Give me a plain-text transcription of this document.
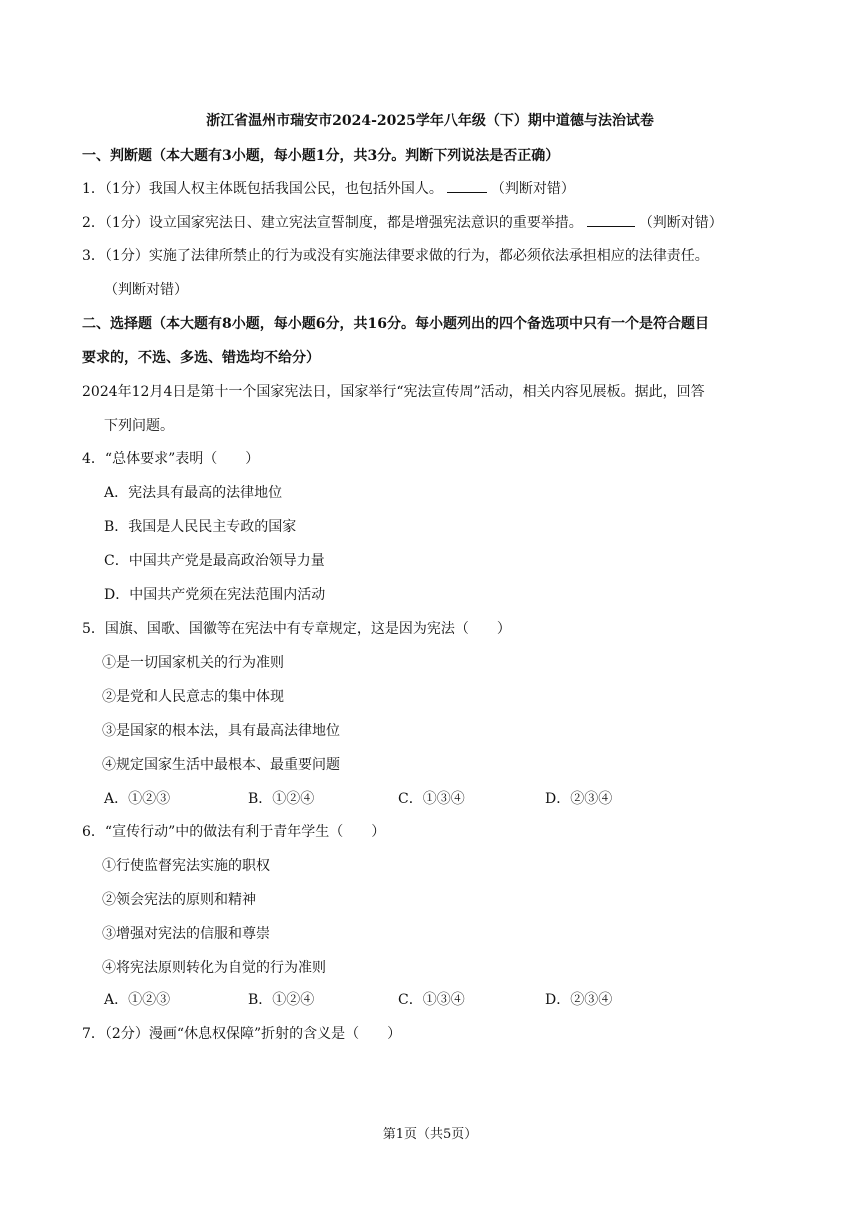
浙江省温州市瑞安市2024-2025学年八年级（下）期中道德与法治试卷
一、判断题（本大题有3小题，每小题1分，共3分。判断下列说法是否正确）
1．（1分）我国人权主体既包括我国公民，也包括外国人。	（判断对错）
2．（1分）设立国家宪法日、建立宪法宣誓制度，都是增强宪法意识的重要举措。	（判断对错）
3．（1分）实施了法律所禁止的行为或没有实施法律要求做的行为，都必须依法承担相应的法律责任。
（判断对错）
二、选择题（本大题有8小题，每小题6分，共16分。每小题列出的四个备选项中只有一个是符合题目
要求的，不选、多选、错选均不给分）
2024年12月4日是第十一个国家宪法日，国家举行“宪法宣传周”活动，相关内容见展板。据此，回答
下列问题。
4．“总体要求”表明（　　）
A．宪法具有最高的法律地位
B．我国是人民民主专政的国家
C．中国共产党是最高政治领导力量
D．中国共产党须在宪法范围内活动
5．国旗、国歌、国徽等在宪法中有专章规定，这是因为宪法（　　）
①是一切国家机关的行为准则
②是党和人民意志的集中体现
③是国家的根本法，具有最高法律地位
④规定国家生活中最根本、最重要问题
A．①②③	B．①②④	C．①③④	D．②③④
6．“宣传行动”中的做法有利于青年学生（　　）
①行使监督宪法实施的职权
②领会宪法的原则和精神
③增强对宪法的信服和尊崇
④将宪法原则转化为自觉的行为准则
A．①②③	B．①②④	C．①③④	D．②③④
7．（2分）漫画“休息权保障”折射的含义是（　　）
第1页（共5页）
